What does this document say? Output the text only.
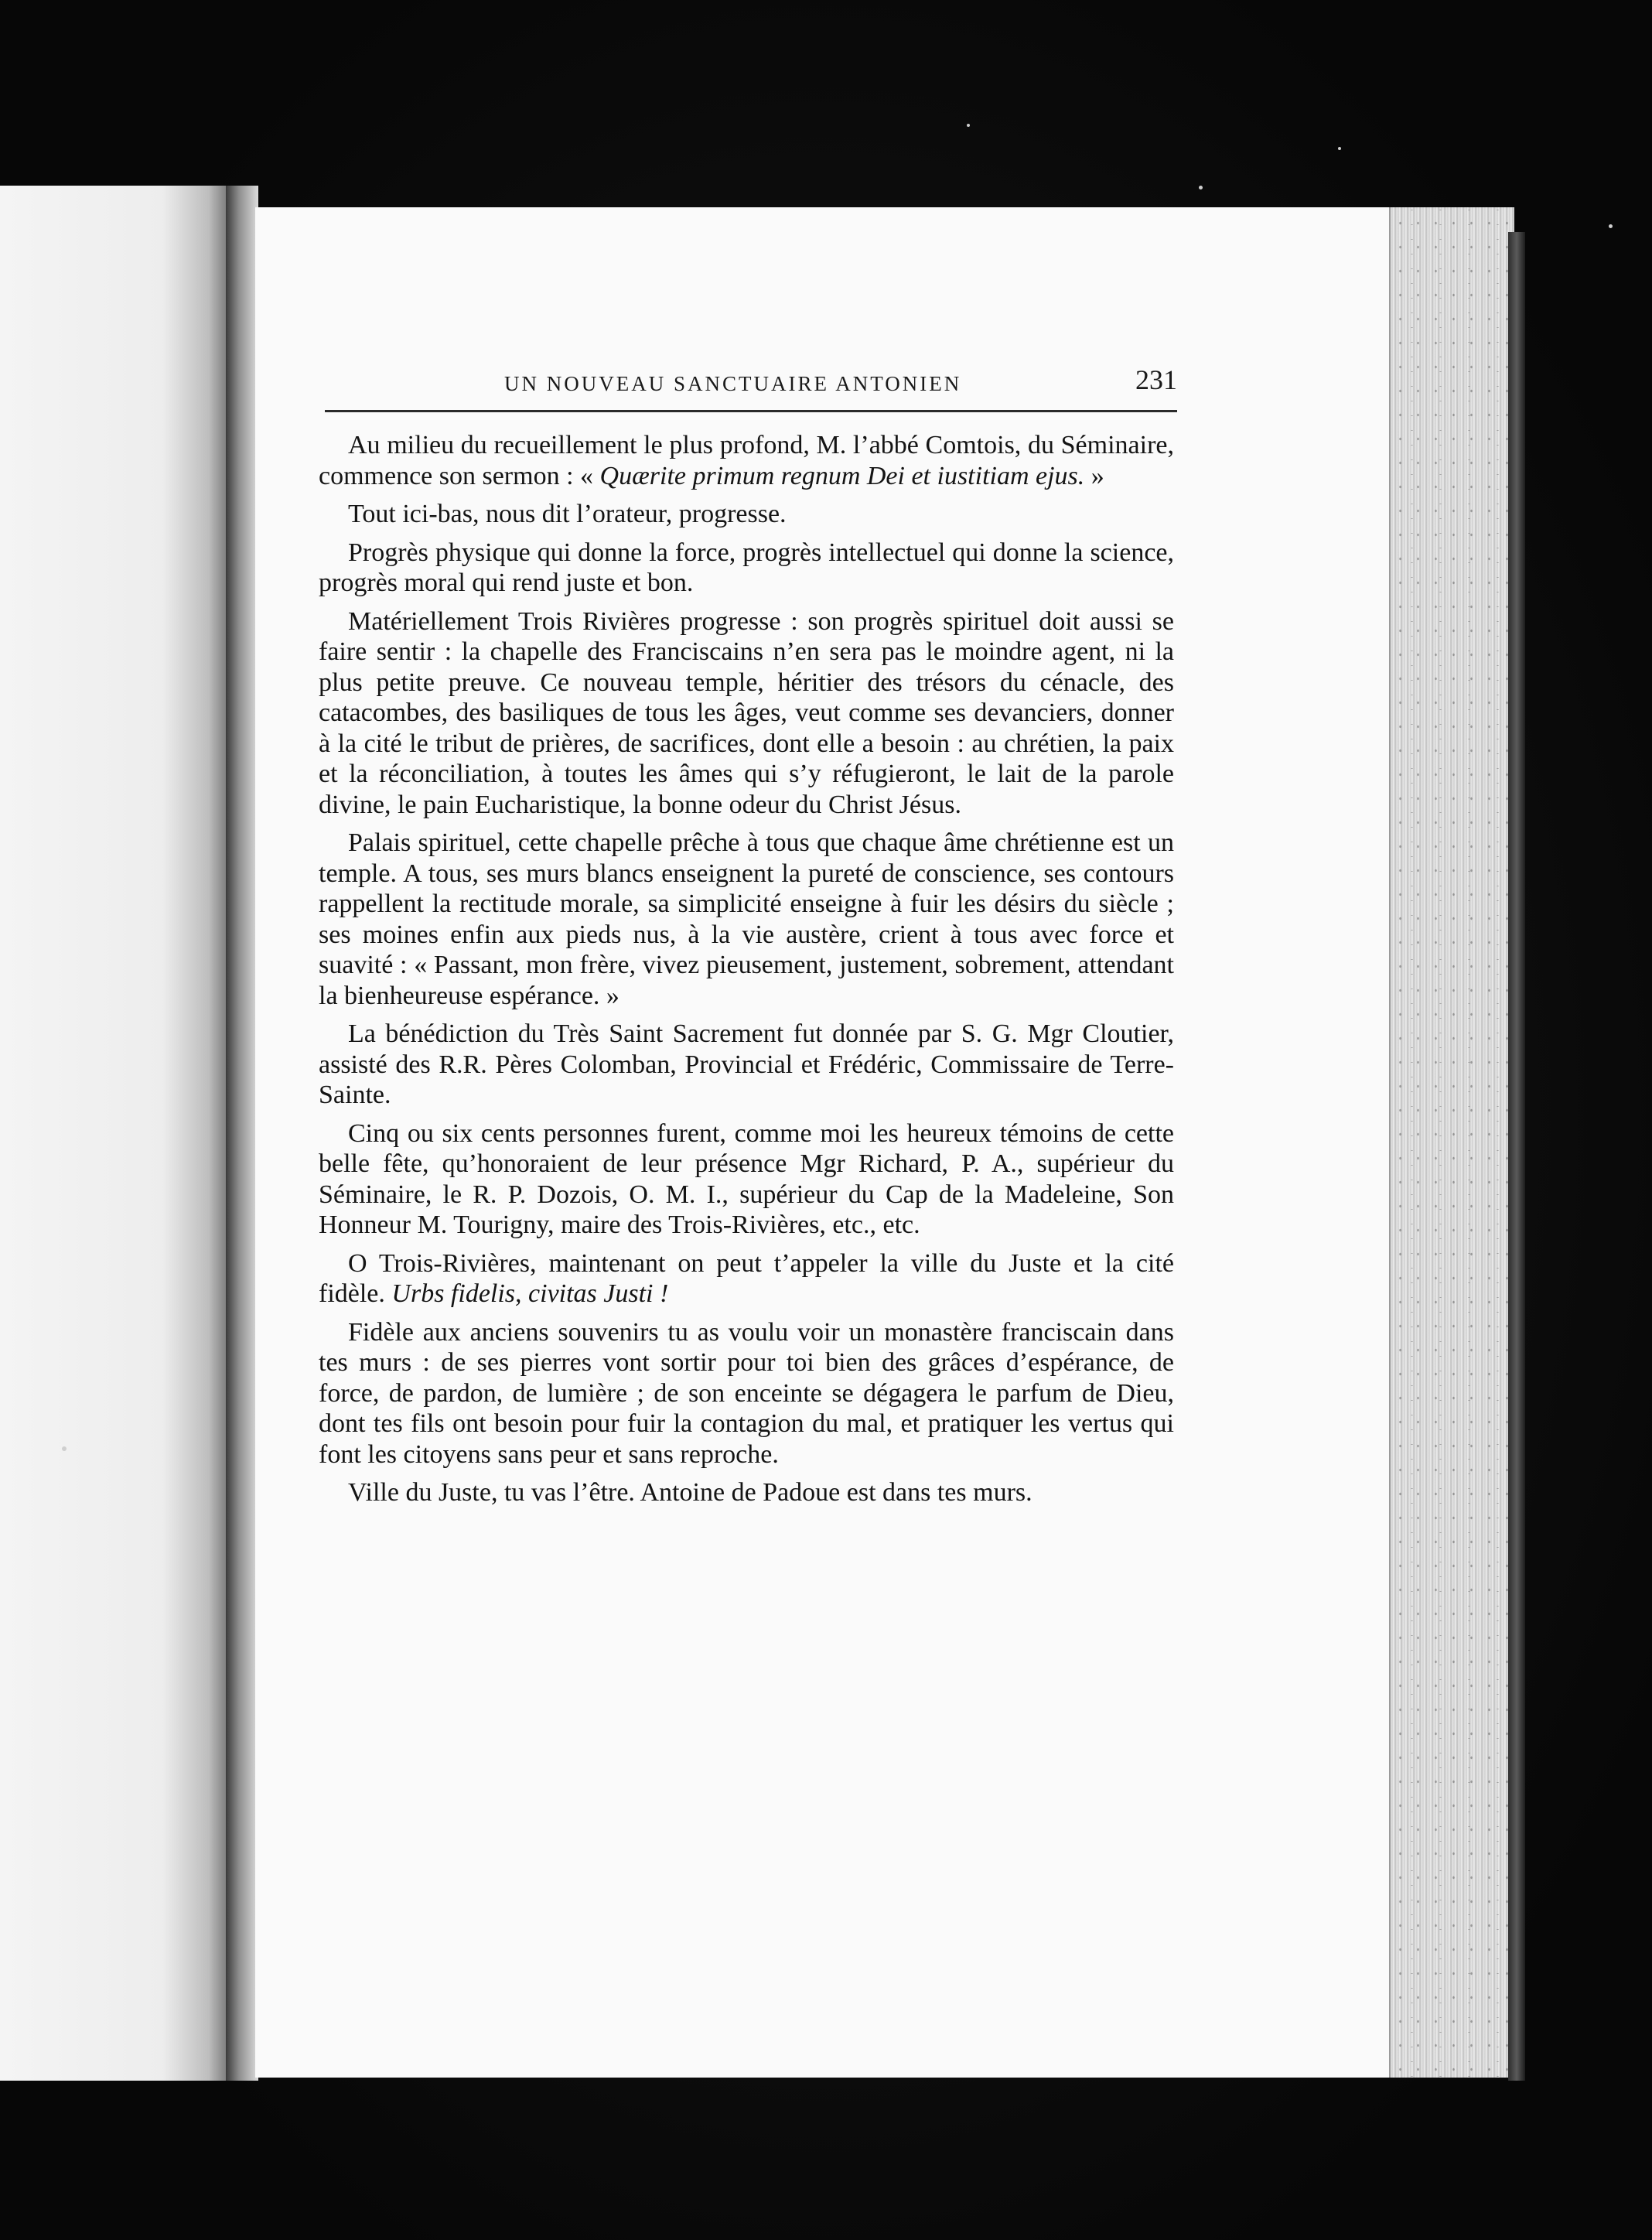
UN NOUVEAU SANCTUAIRE ANTONIEN	231

Au milieu du recueillement le plus profond, M. l’abbé Comtois, du Séminaire, commence son sermon : « Quærite primum regnum Dei et iustitiam ejus. »

Tout ici-bas, nous dit l’orateur, progresse.

Progrès physique qui donne la force, progrès intellectuel qui donne la science, progrès moral qui rend juste et bon.

Matériellement Trois Rivières progresse : son progrès spirituel doit aussi se faire sentir : la chapelle des Franciscains n’en sera pas le moindre agent, ni la plus petite preuve. Ce nouveau temple, héritier des trésors du cénacle, des catacombes, des basiliques de tous les âges, veut comme ses devanciers, donner à la cité le tribut de prières, de sacrifices, dont elle a besoin : au chrétien, la paix et la réconciliation, à toutes les âmes qui s’y réfugieront, le lait de la parole divine, le pain Eucharistique, la bonne odeur du Christ Jésus.

Palais spirituel, cette chapelle prêche à tous que chaque âme chrétienne est un temple. A tous, ses murs blancs enseignent la pureté de conscience, ses contours rappellent la rectitude morale, sa simplicité enseigne à fuir les désirs du siècle ; ses moines enfin aux pieds nus, à la vie austère, crient à tous avec force et suavité : « Passant, mon frère, vivez pieusement, justement, sobrement, attendant la bienheureuse espérance. »

La bénédiction du Très Saint Sacrement fut donnée par S. G. Mgr Cloutier, assisté des R.R. Pères Colomban, Provincial et Frédéric, Commissaire de Terre-Sainte.

Cinq ou six cents personnes furent, comme moi les heureux témoins de cette belle fête, qu’honoraient de leur présence Mgr Richard, P. A., supérieur du Séminaire, le R. P. Dozois, O. M. I., supérieur du Cap de la Madeleine, Son Honneur M. Tourigny, maire des Trois-Rivières, etc., etc.

O Trois-Rivières, maintenant on peut t’appeler la ville du Juste et la cité fidèle. Urbs fidelis, civitas Justi !

Fidèle aux anciens souvenirs tu as voulu voir un monastère franciscain dans tes murs : de ses pierres vont sortir pour toi bien des grâces d’espérance, de force, de pardon, de lumière ; de son enceinte se dégagera le parfum de Dieu, dont tes fils ont besoin pour fuir la contagion du mal, et pratiquer les vertus qui font les citoyens sans peur et sans reproche.

Ville du Juste, tu vas l’être. Antoine de Padoue est dans tes murs.
